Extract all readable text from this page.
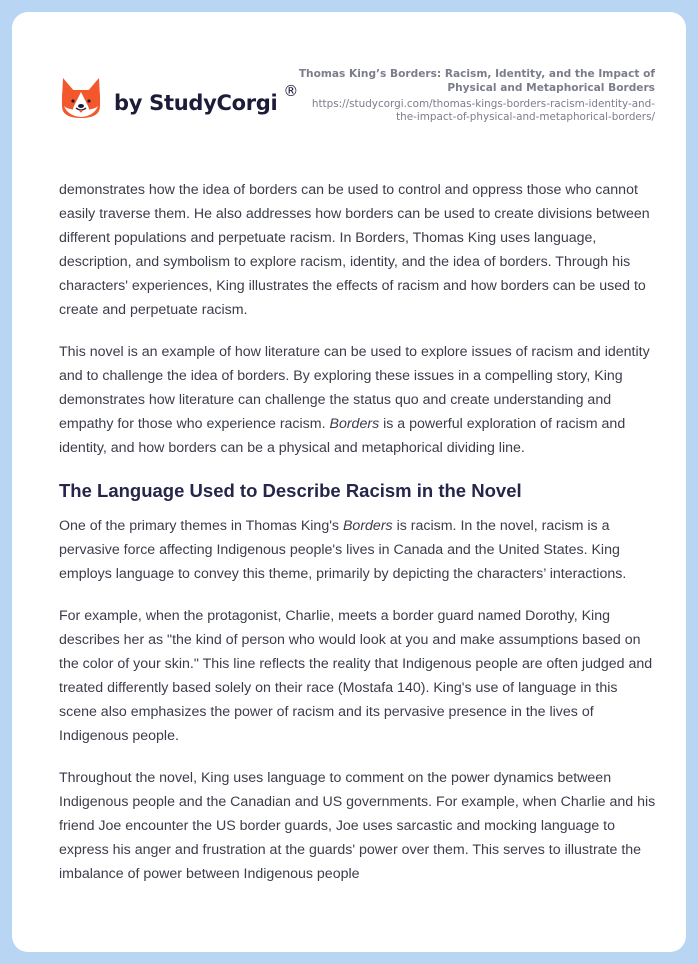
by StudyCorgi ®
Thomas King’s Borders: Racism, Identity, and the Impact of Physical and Metaphorical Borders
https://studycorgi.com/thomas-kings-borders-racism-identity-and-the-impact-of-physical-and-metaphorical-borders/

demonstrates how the idea of borders can be used to control and oppress those who cannot easily traverse them. He also addresses how borders can be used to create divisions between different populations and perpetuate racism. In Borders, Thomas King uses language, description, and symbolism to explore racism, identity, and the idea of borders. Through his characters' experiences, King illustrates the effects of racism and how borders can be used to create and perpetuate racism.

This novel is an example of how literature can be used to explore issues of racism and identity and to challenge the idea of borders. By exploring these issues in a compelling story, King demonstrates how literature can challenge the status quo and create understanding and empathy for those who experience racism. Borders is a powerful exploration of racism and identity, and how borders can be a physical and metaphorical dividing line.

The Language Used to Describe Racism in the Novel

One of the primary themes in Thomas King's Borders is racism. In the novel, racism is a pervasive force affecting Indigenous people's lives in Canada and the United States. King employs language to convey this theme, primarily by depicting the characters’ interactions.

For example, when the protagonist, Charlie, meets a border guard named Dorothy, King describes her as "the kind of person who would look at you and make assumptions based on the color of your skin." This line reflects the reality that Indigenous people are often judged and treated differently based solely on their race (Mostafa 140). King's use of language in this scene also emphasizes the power of racism and its pervasive presence in the lives of Indigenous people.

Throughout the novel, King uses language to comment on the power dynamics between Indigenous people and the Canadian and US governments. For example, when Charlie and his friend Joe encounter the US border guards, Joe uses sarcastic and mocking language to express his anger and frustration at the guards' power over them. This serves to illustrate the imbalance of power between Indigenous people
